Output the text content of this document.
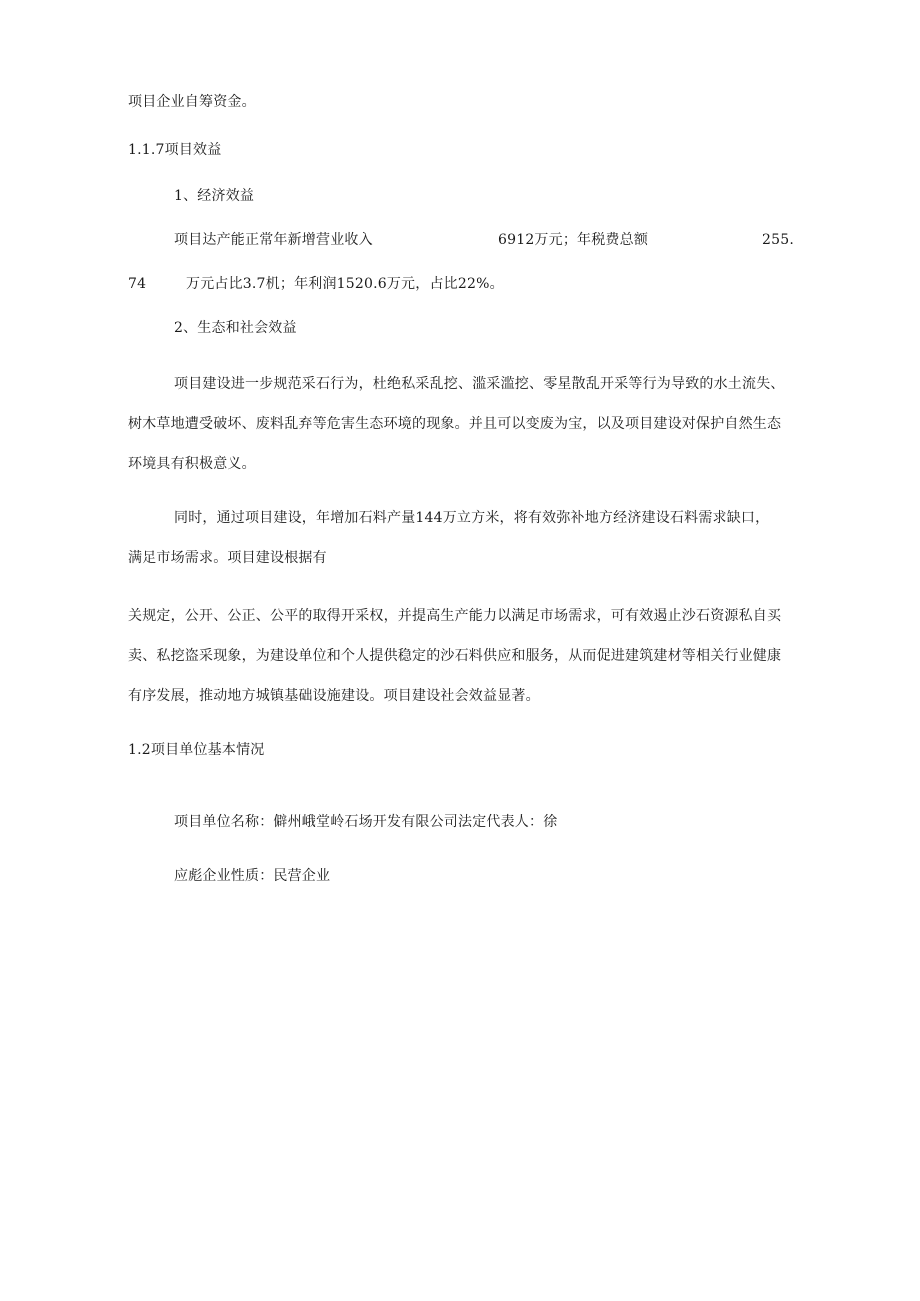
项目企业自筹资金。
1.1.7项目效益
1、经济效益
项目达产能正常年新增营业收入	6912万元；年税费总额	255.
74	万元占比3.7机；年利润1520.6万元，占比22%。
2、生态和社会效益
项目建设进一步规范采石行为，杜绝私采乱挖、滥采滥挖、零星散乱开采等行为导致的水土流失、
树木草地遭受破坏、废料乱弃等危害生态环境的现象。并且可以变废为宝，以及项目建设对保护自然生态
环境具有积极意义。
同时，通过项目建设，年增加石料产量144万立方米，将有效弥补地方经济建设石料需求缺口，
满足市场需求。项目建设根据有
关规定，公开、公正、公平的取得开采权，并提高生产能力以满足市场需求，可有效遏止沙石资源私自买
卖、私挖盗采现象，为建设单位和个人提供稳定的沙石料供应和服务，从而促进建筑建材等相关行业健康
有序发展，推动地方城镇基础设施建设。项目建设社会效益显著。
1.2项目单位基本情况
项目单位名称：僻州峨堂岭石场开发有限公司法定代表人：徐
应彪企业性质：民营企业
